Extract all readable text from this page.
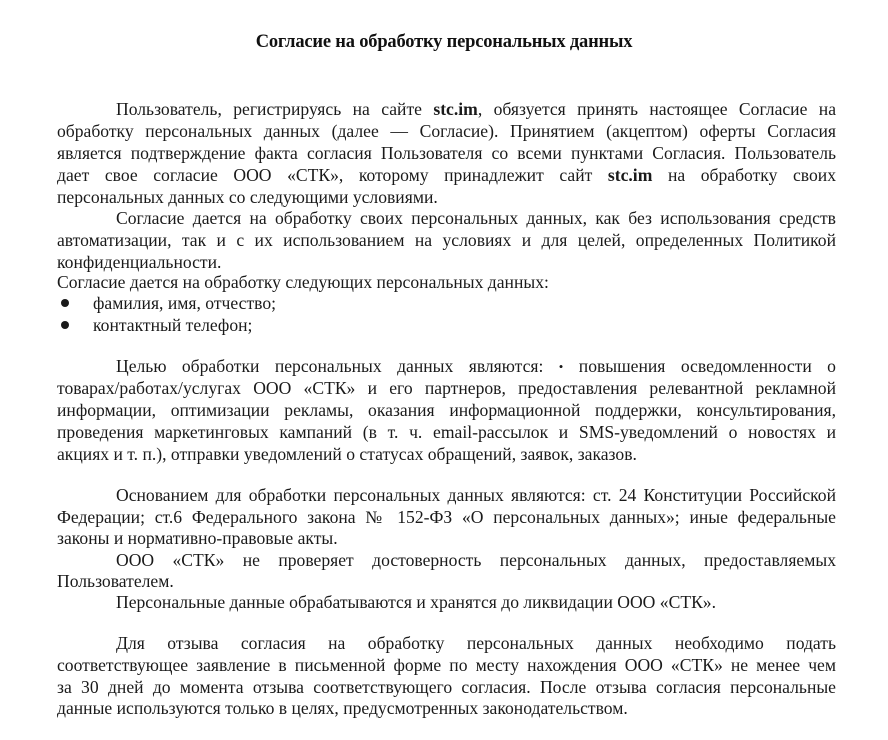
Согласие на обработку персональных данных
Пользователь, регистрируясь на сайте stc.im, обязуется принять настоящее Согласие на
обработку персональных данных (далее — Согласие). Принятием (акцептом) оферты Согласия
является подтверждение факта согласия Пользователя со всеми пунктами Согласия. Пользователь
дает свое согласие ООО «СТК», которому принадлежит сайт stc.im на обработку своих
персональных данных со следующими условиями.
Согласие дается на обработку своих персональных данных, как без использования средств
автоматизации, так и с их использованием на условиях и для целей, определенных Политикой
конфиденциальности.
Согласие дается на обработку следующих персональных данных:
фамилия, имя, отчество;
контактный телефон;
Целью обработки персональных данных являются: • повышения осведомленности о
товарах/работах/услугах ООО «СТК» и его партнеров, предоставления релевантной рекламной
информации, оптимизации рекламы, оказания информационной поддержки, консультирования,
проведения маркетинговых кампаний (в т. ч. email-рассылок и SMS-уведомлений о новостях и
акциях и т. п.), отправки уведомлений о статусах обращений, заявок, заказов.
Основанием для обработки персональных данных являются: ст. 24 Конституции Российской
Федерации; ст.6 Федерального закона № 152-ФЗ «О персональных данных»; иные федеральные
законы и нормативно-правовые акты.
ООО «СТК» не проверяет достоверность персональных данных, предоставляемых
Пользователем.
Персональные данные обрабатываются и хранятся до ликвидации ООО «СТК».
Для отзыва согласия на обработку персональных данных необходимо подать
соответствующее заявление в письменной форме по месту нахождения ООО «СТК» не менее чем
за 30 дней до момента отзыва соответствующего согласия. После отзыва согласия персональные
данные используются только в целях, предусмотренных законодательством.
